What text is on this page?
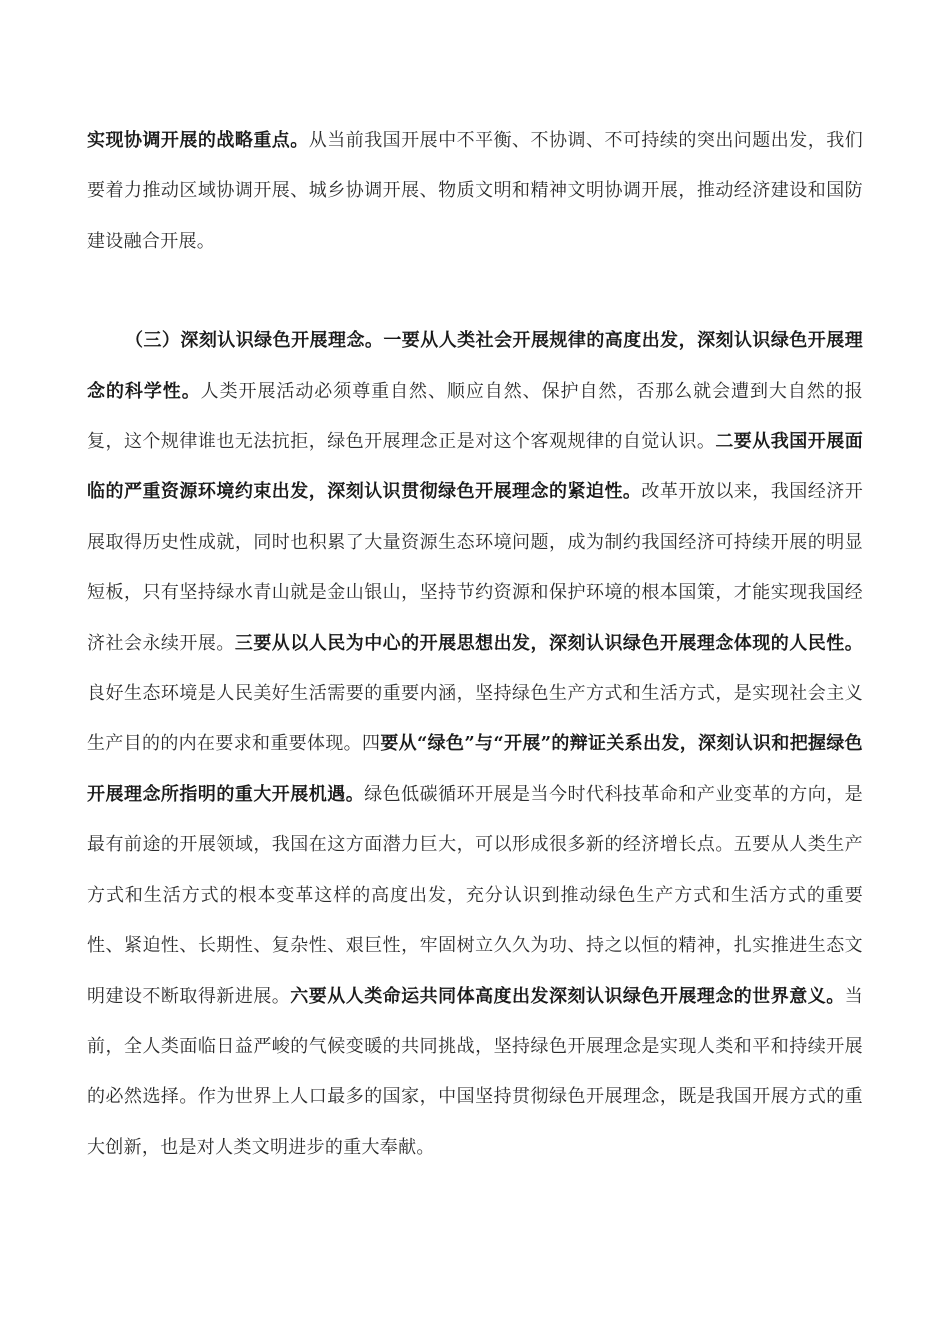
实现协调开展的战略重点。从当前我国开展中不平衡、不协调、不可持续的突出问题出发，我们要着力推动区域协调开展、城乡协调开展、物质文明和精神文明协调开展，推动经济建设和国防建设融合开展。

（三）深刻认识绿色开展理念。一要从人类社会开展规律的高度出发，深刻认识绿色开展理念的科学性。人类开展活动必须尊重自然、顺应自然、保护自然，否那么就会遭到大自然的报复，这个规律谁也无法抗拒，绿色开展理念正是对这个客观规律的自觉认识。二要从我国开展面临的严重资源环境约束出发，深刻认识贯彻绿色开展理念的紧迫性。改革开放以来，我国经济开展取得历史性成就，同时也积累了大量资源生态环境问题，成为制约我国经济可持续开展的明显短板，只有坚持绿水青山就是金山银山，坚持节约资源和保护环境的根本国策，才能实现我国经济社会永续开展。三要从以人民为中心的开展思想出发，深刻认识绿色开展理念体现的人民性。良好生态环境是人民美好生活需要的重要内涵，坚持绿色生产方式和生活方式，是实现社会主义生产目的的内在要求和重要体现。四要从“绿色”与“开展”的辩证关系出发，深刻认识和把握绿色开展理念所指明的重大开展机遇。绿色低碳循环开展是当今时代科技革命和产业变革的方向，是最有前途的开展领域，我国在这方面潜力巨大，可以形成很多新的经济增长点。五要从人类生产方式和生活方式的根本变革这样的高度出发，充分认识到推动绿色生产方式和生活方式的重要性、紧迫性、长期性、复杂性、艰巨性，牢固树立久久为功、持之以恒的精神，扎实推进生态文明建设不断取得新进展。六要从人类命运共同体高度出发深刻认识绿色开展理念的世界意义。当前，全人类面临日益严峻的气候变暖的共同挑战，坚持绿色开展理念是实现人类和平和持续开展的必然选择。作为世界上人口最多的国家，中国坚持贯彻绿色开展理念，既是我国开展方式的重大创新，也是对人类文明进步的重大奉献。
